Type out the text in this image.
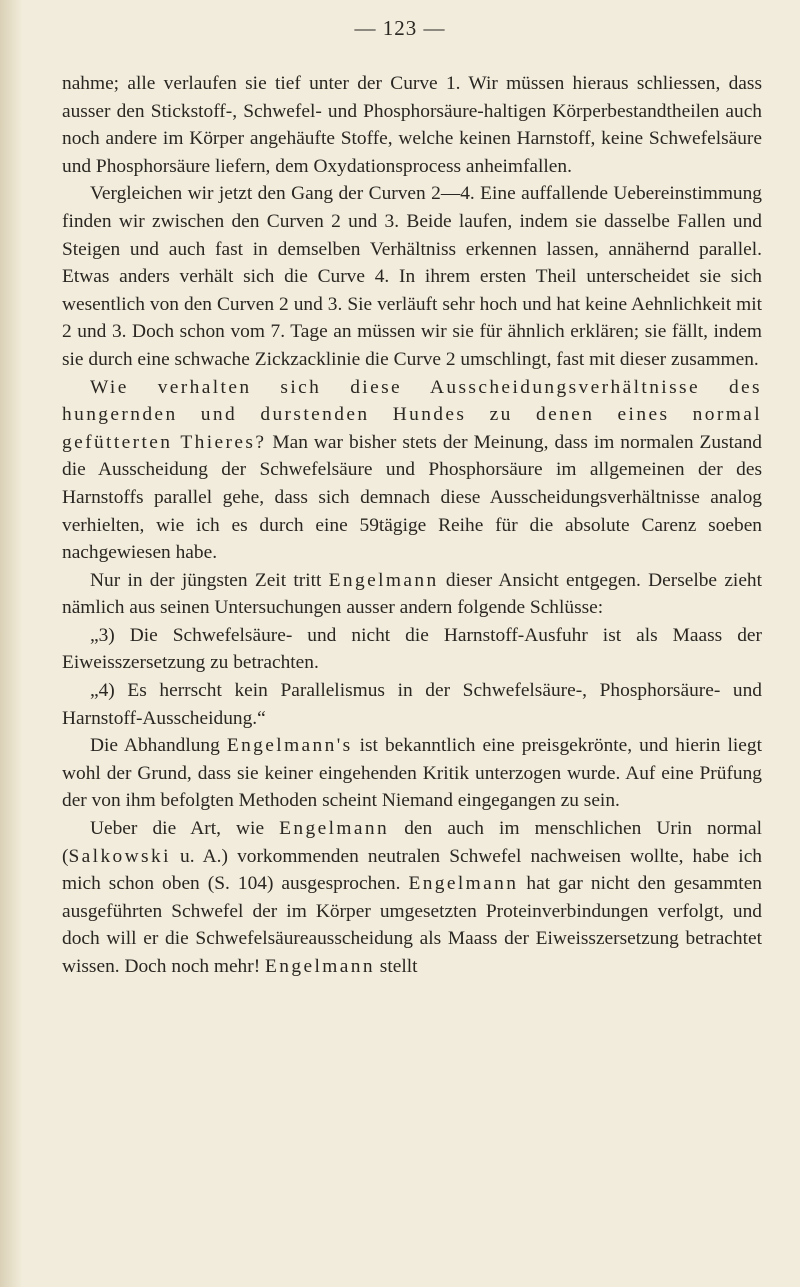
— 123 —

nahme; alle verlaufen sie tief unter der Curve 1. Wir müssen hieraus schliessen, dass ausser den Stickstoff-, Schwefel- und Phosphorsäure-haltigen Körperbestandtheilen auch noch andere im Körper angehäufte Stoffe, welche keinen Harnstoff, keine Schwefelsäure und Phosphorsäure liefern, dem Oxydationsprocess anheimfallen.

Vergleichen wir jetzt den Gang der Curven 2—4. Eine auffallende Uebereinstimmung finden wir zwischen den Curven 2 und 3. Beide laufen, indem sie dasselbe Fallen und Steigen und auch fast in demselben Verhältniss erkennen lassen, annähernd parallel. Etwas anders verhält sich die Curve 4. In ihrem ersten Theil unterscheidet sie sich wesentlich von den Curven 2 und 3. Sie verläuft sehr hoch und hat keine Aehnlichkeit mit 2 und 3. Doch schon vom 7. Tage an müssen wir sie für ähnlich erklären; sie fällt, indem sie durch eine schwache Zickzacklinie die Curve 2 umschlingt, fast mit dieser zusammen.

Wie verhalten sich diese Ausscheidungsverhältnisse des hungernden und durstenden Hundes zu denen eines normal gefütterten Thieres? Man war bisher stets der Meinung, dass im normalen Zustand die Ausscheidung der Schwefelsäure und Phosphorsäure im allgemeinen der des Harnstoffs parallel gehe, dass sich demnach diese Ausscheidungsverhältnisse analog verhielten, wie ich es durch eine 59tägige Reihe für die absolute Carenz soeben nachgewiesen habe.

Nur in der jüngsten Zeit tritt Engelmann dieser Ansicht entgegen. Derselbe zieht nämlich aus seinen Untersuchungen ausser andern folgende Schlüsse:

„3) Die Schwefelsäure- und nicht die Harnstoff-Ausfuhr ist als Maass der Eiweisszersetzung zu betrachten.

„4) Es herrscht kein Parallelismus in der Schwefelsäure-, Phosphorsäure- und Harnstoff-Ausscheidung.“

Die Abhandlung Engelmann's ist bekanntlich eine preisgekrönte, und hierin liegt wohl der Grund, dass sie keiner eingehenden Kritik unterzogen wurde. Auf eine Prüfung der von ihm befolgten Methoden scheint Niemand eingegangen zu sein.

Ueber die Art, wie Engelmann den auch im menschlichen Urin normal (Salkowski u. A.) vorkommenden neutralen Schwefel nachweisen wollte, habe ich mich schon oben (S. 104) ausgesprochen. Engelmann hat gar nicht den gesammten ausgeführten Schwefel der im Körper umgesetzten Proteinverbindungen verfolgt, und doch will er die Schwefelsäureausscheidung als Maass der Eiweisszersetzung betrachtet wissen. Doch noch mehr! Engelmann stellt
